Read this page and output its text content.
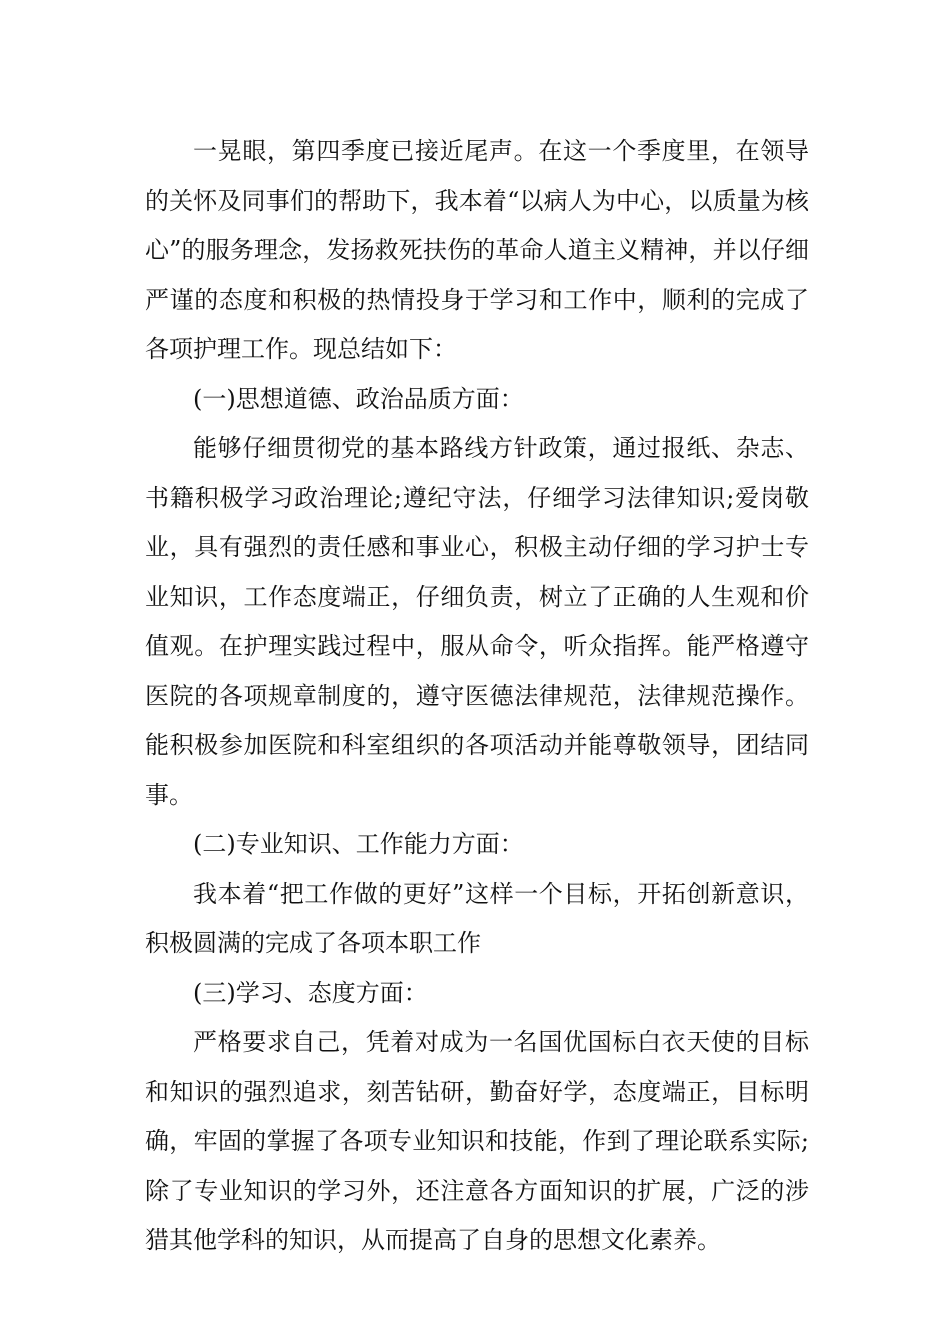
一晃眼，第四季度已接近尾声。在这一个季度里，在领导的关怀及同事们的帮助下，我本着“以病人为中心，以质量为核心”的服务理念，发扬救死扶伤的革命人道主义精神，并以仔细严谨的态度和积极的热情投身于学习和工作中，顺利的完成了各项护理工作。现总结如下：

(一)思想道德、政治品质方面：

能够仔细贯彻党的基本路线方针政策，通过报纸、杂志、书籍积极学习政治理论;遵纪守法，仔细学习法律知识;爱岗敬业，具有强烈的责任感和事业心，积极主动仔细的学习护士专业知识，工作态度端正，仔细负责，树立了正确的人生观和价值观。在护理实践过程中，服从命令，听众指挥。能严格遵守医院的各项规章制度的，遵守医德法律规范，法律规范操作。能积极参加医院和科室组织的各项活动并能尊敬领导，团结同事。

(二)专业知识、工作能力方面：

我本着“把工作做的更好”这样一个目标，开拓创新意识，积极圆满的完成了各项本职工作

(三)学习、态度方面：

严格要求自己，凭着对成为一名国优国标白衣天使的目标和知识的强烈追求，刻苦钻研，勤奋好学，态度端正，目标明确，牢固的掌握了各项专业知识和技能，作到了理论联系实际;除了专业知识的学习外，还注意各方面知识的扩展，广泛的涉猎其他学科的知识，从而提高了自身的思想文化素养。
